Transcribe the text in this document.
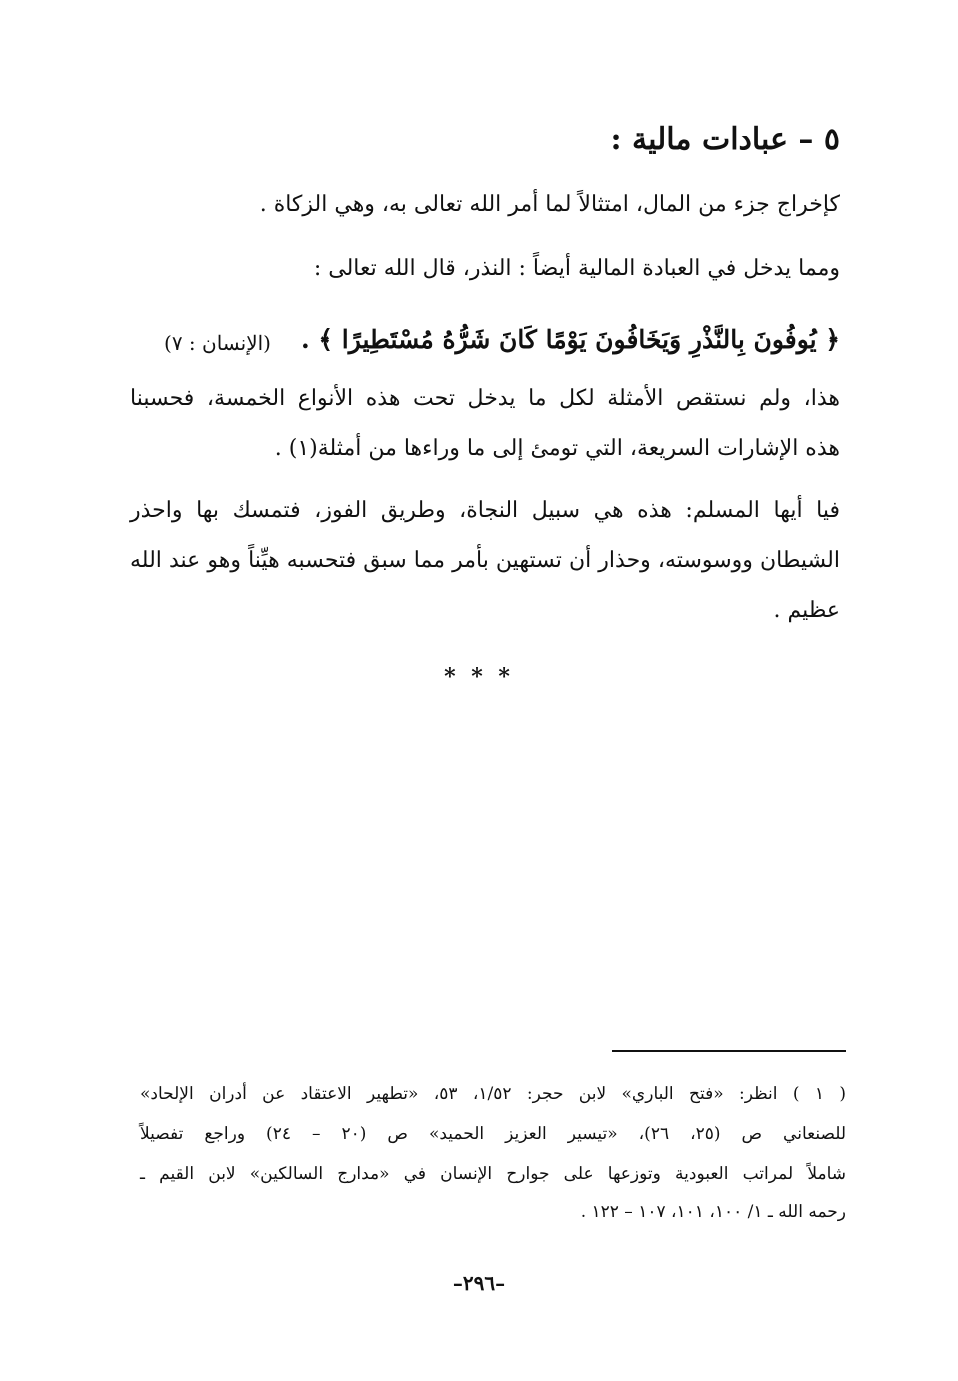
٥ – عبادات مالية :
كإخراج جزء من المال، امتثالاً لما أمر الله تعالى به، وهي الزكاة .
ومما يدخل في العبادة المالية أيضاً : النذر، قال الله تعالى :
﴿ يُوفُونَ بِالنَّذْرِ وَيَخَافُونَ يَوْمًا كَانَ شَرُّهُ مُسْتَطِيرًا ﴾ .
(الإنسان : ٧)
هذا، ولم نستقص الأمثلة لكل ما يدخل تحت هذه الأنواع الخمسة، فحسبنا
هذه الإشارات السريعة، التي تومئ إلى ما وراءها من أمثلة(١) .
فيا أيها المسلم: هذه هي سبيل النجاة، وطريق الفوز، فتمسك بها واحذر
الشيطان ووسوسته، وحذار أن تستهين بأمر مما سبق فتحسبه هيِّناً وهو عند الله
عظيم .
* * *
( ١ ) انظر: «فتح الباري» لابن حجر: ١/٥٢، ٥٣، «تطهير الاعتقاد عن أدران الإلحاد»
للصنعاني ص (٢٥، ٢٦)، «تيسير العزيز الحميد» ص (٢٠ – ٢٤) وراجع تفصيلاً
شاملاً لمراتب العبودية وتوزعها على جوارح الإنسان في «مدارج السالكين» لابن القيم ـ
رحمه الله ـ ١/ ١٠٠، ١٠١، ١٠٧ – ١٢٢ .
–٢٩٦–
